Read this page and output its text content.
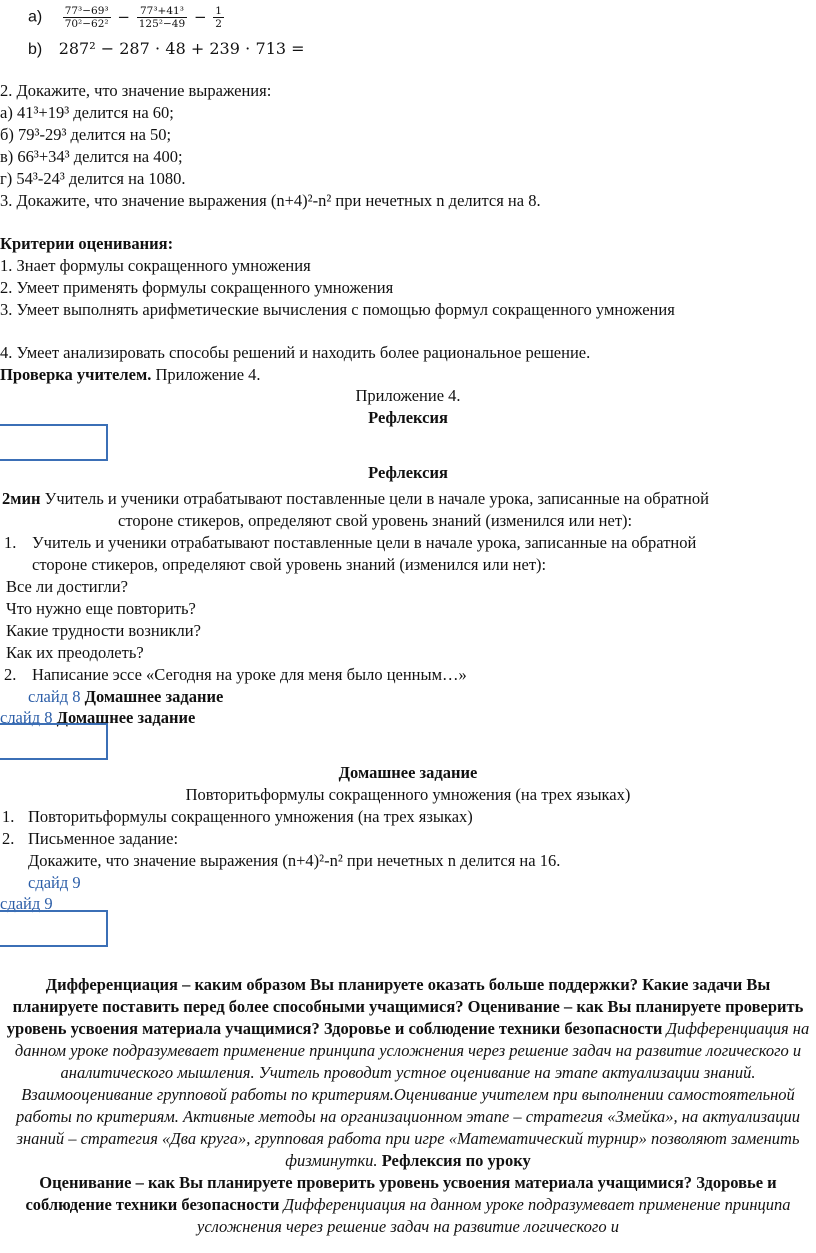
$a) \frac{\text{77³−69³}}{\text{70²−62²}} - \frac{\text{77³+41³}}{\text{125²−49}} - \frac{1}{2}$
b) 287² − 287 ⋅ 48 + 239 ⋅ 713 =
2. Докажите, что значение выражения:
а) 41³+19³ делится на 60;
б) 79³-29³ делится на 50;
в) 66³+34³ делится на 400;
г) 54³-24³ делится на 1080.
3. Докажите, что значение выражения (n+4)²-n² при нечетных n делится на 8.
Критерии оценивания:
1. Знает формулы сокращенного умножения
2. Умеет применять формулы сокращенного умножения
3. Умеет выполнять арифметические вычисления с помощью формул сокращенного умножения
4. Умеет анализировать способы решений и находить более рациональное решение.
Проверка учителем. Приложение 4.
Приложение 4.
Рефлексия
Рефлексия
2мин Учитель и ученики отрабатывают поставленные цели в начале урока, записанные на обратной
стороне стикеров, определяют свой уровень знаний (изменился или нет):
1. Учитель и ученики отрабатывают поставленные цели в начале урока, записанные на обратной
стороне стикеров, определяют свой уровень знаний (изменился или нет):
Все ли достигли?
Что нужно еще повторить?
Какие трудности возникли?
Как их преодолеть?
2. Написание эссе «Сегодня на уроке для меня было ценным…»
слайд 8 Домашнее задание
слайд 8 Домашнее задание
Домашнее задание
Повторитьформулы сокращенного умножения (на трех языках)
1. Повторитьформулы сокращенного умножения (на трех языках)
2. Письменное задание:
Докажите, что значение выражения (n+4)²-n² при нечетных n делится на 16.
сдайд 9
сдайд 9
Дифференциация – каким образом Вы планируете оказать больше поддержки? Какие задачи Вы планируете поставить перед более способными учащимися? Оценивание – как Вы планируете проверить уровень усвоения материала учащимися? Здоровье и соблюдение техники безопасности Дифференциация на данном уроке подразумевает применение принципа усложнения через решение задач на развитие логического и аналитического мышления. Учитель проводит устное оценивание на этапе актуализации знаний. Взаимооценивание групповой работы по критериям.Оценивание учителем при выполнении самостоятельной работы по критериям. Активные методы на организационном этапе – стратегия «Змейка», на актуализации знаний – стратегия «Два круга», групповая работа при игре «Математический турнир» позволяют заменить физминутки. Рефлексия по уроку
Оценивание – как Вы планируете проверить уровень усвоения материала учащимися? Здоровье и соблюдение техники безопасности Дифференциация на данном уроке подразумевает применение принципа усложнения через решение задач на развитие логического и
